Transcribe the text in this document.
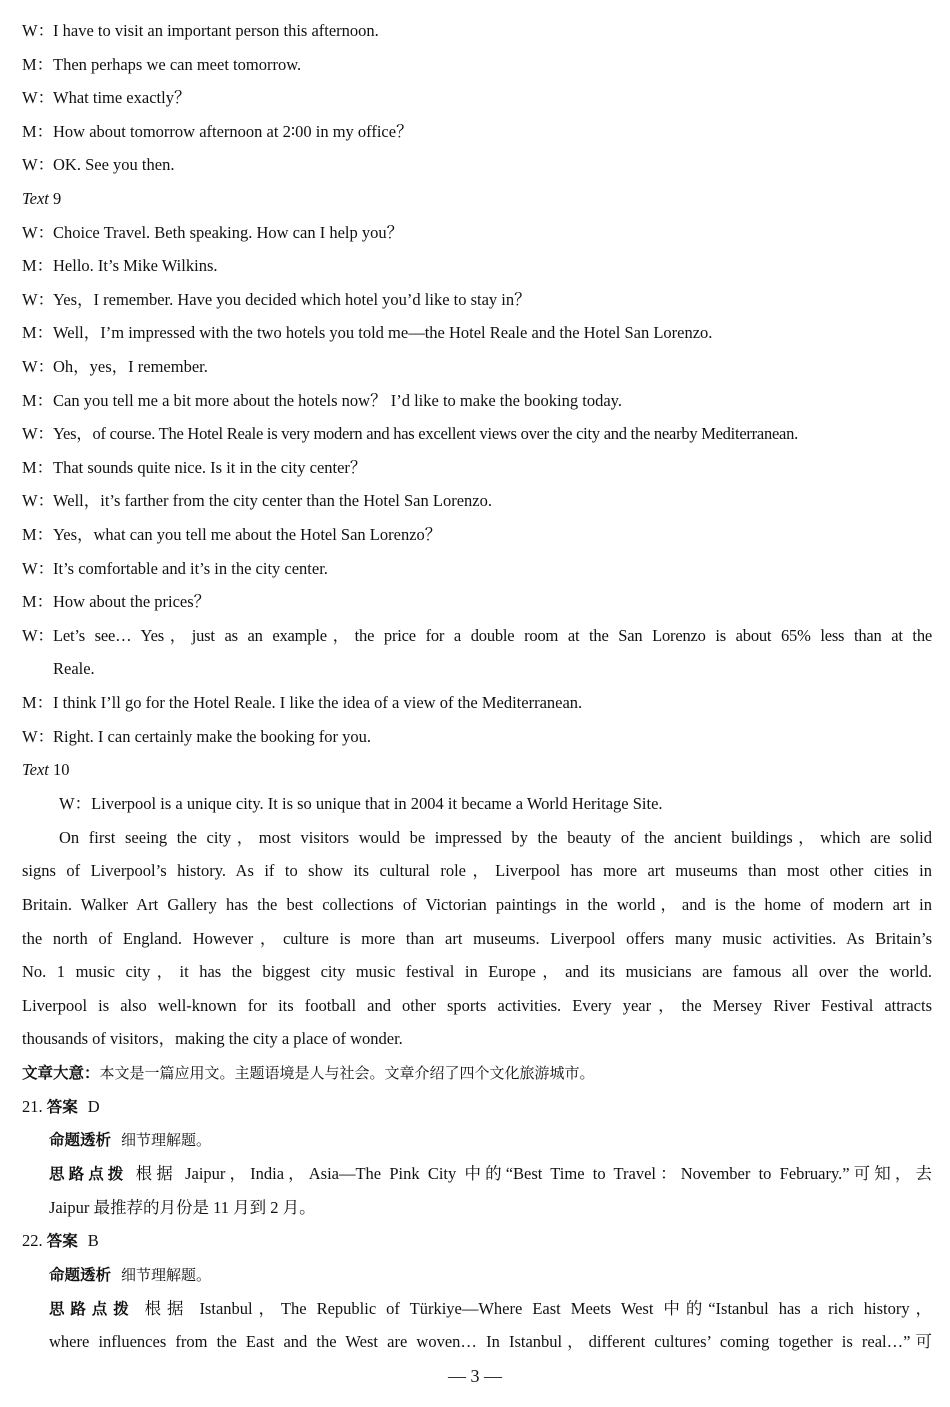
W：I have to visit an important person this afternoon.
M：Then perhaps we can meet tomorrow.
W：What time exactly？
M：How about tomorrow afternoon at 2∶00 in my office？
W：OK. See you then.
Text 9
W：Choice Travel. Beth speaking. How can I help you？
M：Hello. It’s Mike Wilkins.
W：Yes，I remember. Have you decided which hotel you’d like to stay in？
M：Well，I’m impressed with the two hotels you told me—the Hotel Reale and the Hotel San Lorenzo.
W：Oh，yes，I remember.
M：Can you tell me a bit more about the hotels now？ I’d like to make the booking today.
W：Yes，of course. The Hotel Reale is very modern and has excellent views over the city and the nearby Mediterranean.
M：That sounds quite nice. Is it in the city center？
W：Well，it’s farther from the city center than the Hotel San Lorenzo.
M：Yes，what can you tell me about the Hotel San Lorenzo？
W：It’s comfortable and it’s in the city center.
M：How about the prices？
W：Let’s see… Yes，just as an example，the price for a double room at the San Lorenzo is about 65% less than at the
Reale.
M：I think I’ll go for the Hotel Reale. I like the idea of a view of the Mediterranean.
W：Right. I can certainly make the booking for you.
Text 10
W：Liverpool is a unique city. It is so unique that in 2004 it became a World Heritage Site.
On first seeing the city，most visitors would be impressed by the beauty of the ancient buildings，which are solid
signs of Liverpool’s history. As if to show its cultural role，Liverpool has more art museums than most other cities in
Britain. Walker Art Gallery has the best collections of Victorian paintings in the world，and is the home of modern art in
the north of England. However，culture is more than art museums. Liverpool offers many music activities. As Britain’s
No. 1 music city，it has the biggest city music festival in Europe，and its musicians are famous all over the world.
Liverpool is also well-known for its football and other sports activities. Every year，the Mersey River Festival attracts
thousands of visitors，making the city a place of wonder.
文章大意：本文是一篇应用文。主题语境是人与社会。文章介绍了四个文化旅游城市。
21. 答案 D
命题透析 细节理解题。
思路点拨 根据 Jaipur，India，Asia—The Pink City 中的“Best Time to Travel：November to February.”可知，去
Jaipur 最推荐的月份是 11 月到 2 月。
22. 答案 B
命题透析 细节理解题。
思路点拨 根据 Istanbul，The Republic of Türkiye—Where East Meets West 中的“Istanbul has a rich history，
where influences from the East and the West are woven… In Istanbul，different cultures’ coming together is real…”可
— 3 —
